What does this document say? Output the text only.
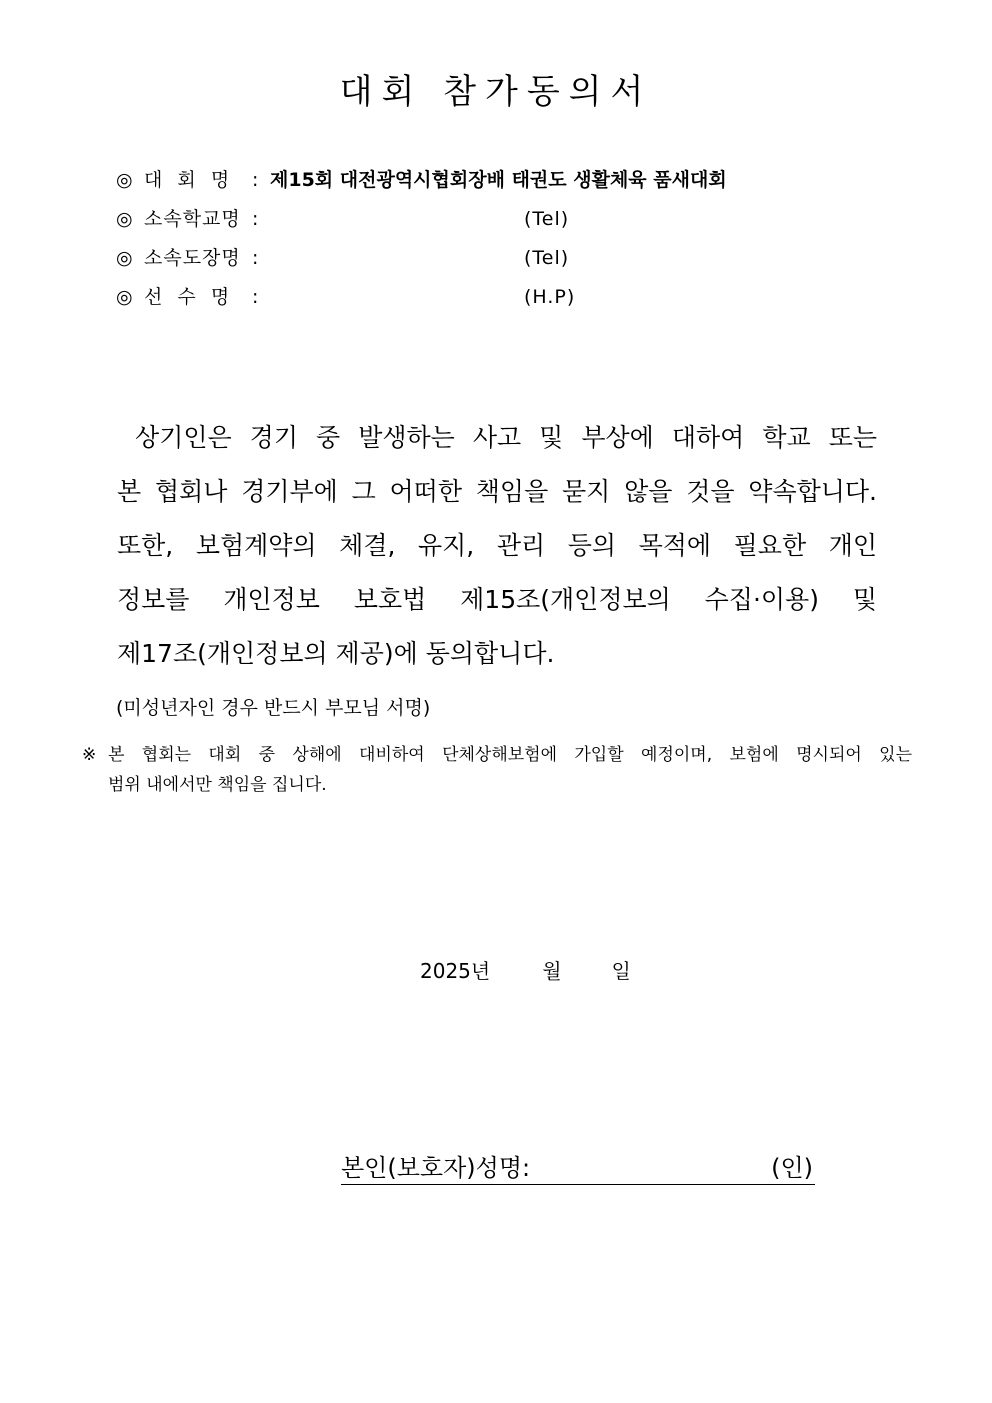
대회 참가동의서
◎ 대  회  명 : 제15회 대전광역시협회장배 태권도 생활체육 품새대회
◎ 소속학교명 :	(Tel)
◎ 소속도장명 :	(Tel)
◎ 선  수  명 :	(H.P)
상기인은 경기 중 발생하는 사고 및 부상에 대하여 학교 또는
본 협회나 경기부에 그 어떠한 책임을 묻지 않을 것을 약속합니다.
또한, 보험계약의 체결, 유지, 관리 등의 목적에 필요한 개인
정보를 개인정보 보호법 제15조(개인정보의 수집·이용) 및
제17조(개인정보의 제공)에 동의합니다.
(미성년자인 경우 반드시 부모님 서명)
※ 본 협회는 대회 중 상해에 대비하여 단체상해보험에 가입할 예정이며, 보험에 명시되어 있는
범위 내에서만 책임을 집니다.
2025년	월	일
본인(보호자)성명:	(인)
